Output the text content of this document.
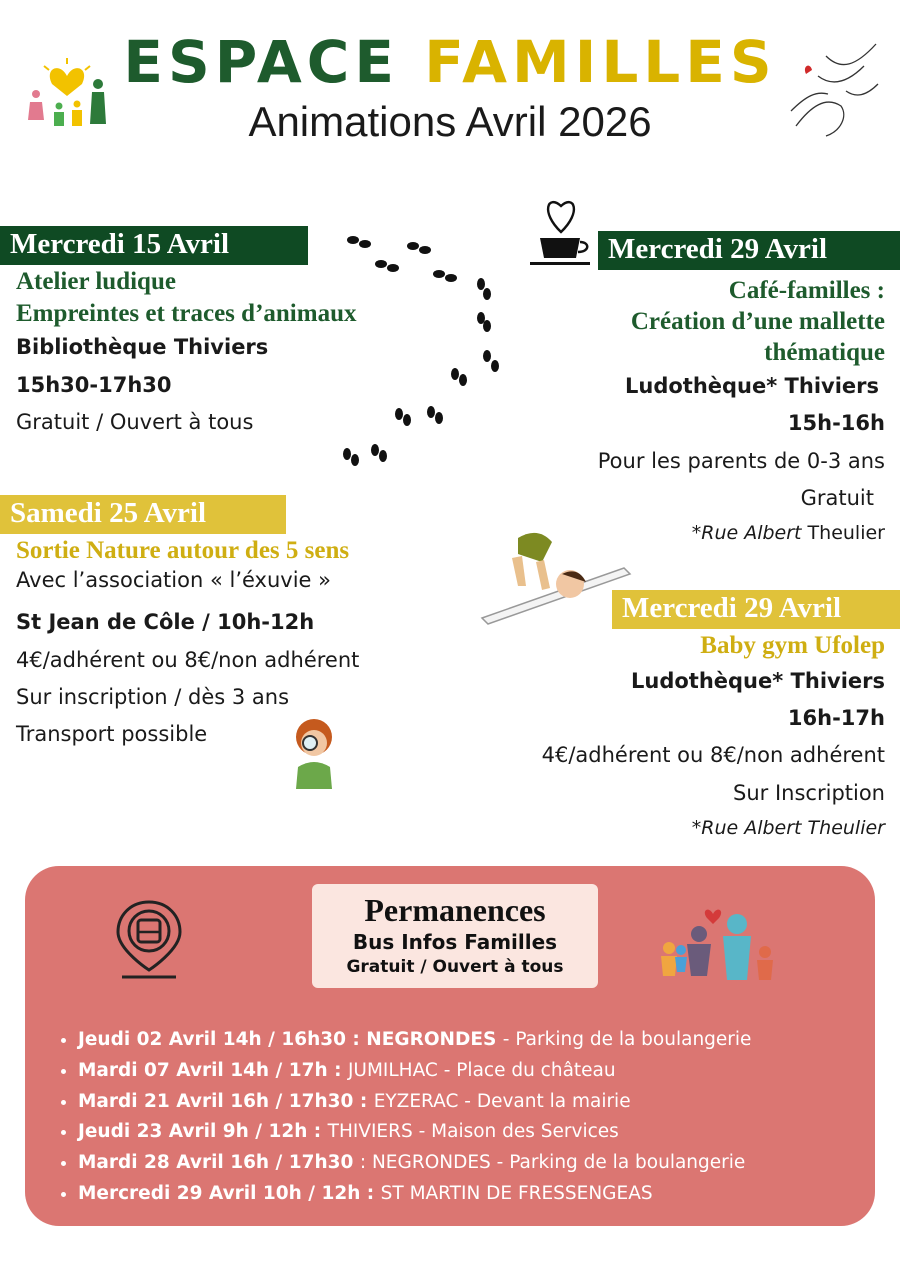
ESPACE FAMILLES
Animations Avril 2026
Mercredi 15 Avril
Atelier ludique
Empreintes et traces d’animaux
Bibliothèque Thiviers
15h30-17h30
Gratuit / Ouvert à tous
Mercredi 29 Avril
Café-familles :
Création d’une mallette
thématique
Ludothèque* Thiviers
15h-16h
Pour les parents de 0-3 ans
Gratuit
*Rue Albert Theulier
Samedi 25 Avril
Sortie Nature autour des 5 sens
Avec l’association « l’éxuvie »
St Jean de Côle / 10h-12h
4€/adhérent ou 8€/non adhérent
Sur inscription / dès 3 ans
Transport possible
Mercredi 29 Avril
Baby gym Ufolep
Ludothèque* Thiviers
16h-17h
4€/adhérent ou 8€/non adhérent
Sur Inscription
*Rue Albert Theulier
Permanences
Bus Infos Familles
Gratuit / Ouvert à tous
• Jeudi 02 Avril 14h / 16h30 : NEGRONDES - Parking de la boulangerie
• Mardi 07 Avril 14h / 17h : JUMILHAC - Place du château
• Mardi 21 Avril 16h / 17h30 : EYZERAC - Devant la mairie
• Jeudi 23 Avril 9h / 12h : THIVIERS - Maison des Services
• Mardi 28 Avril 16h / 17h30 : NEGRONDES - Parking de la boulangerie
• Mercredi 29 Avril 10h / 12h : ST MARTIN DE FRESSENGEAS
